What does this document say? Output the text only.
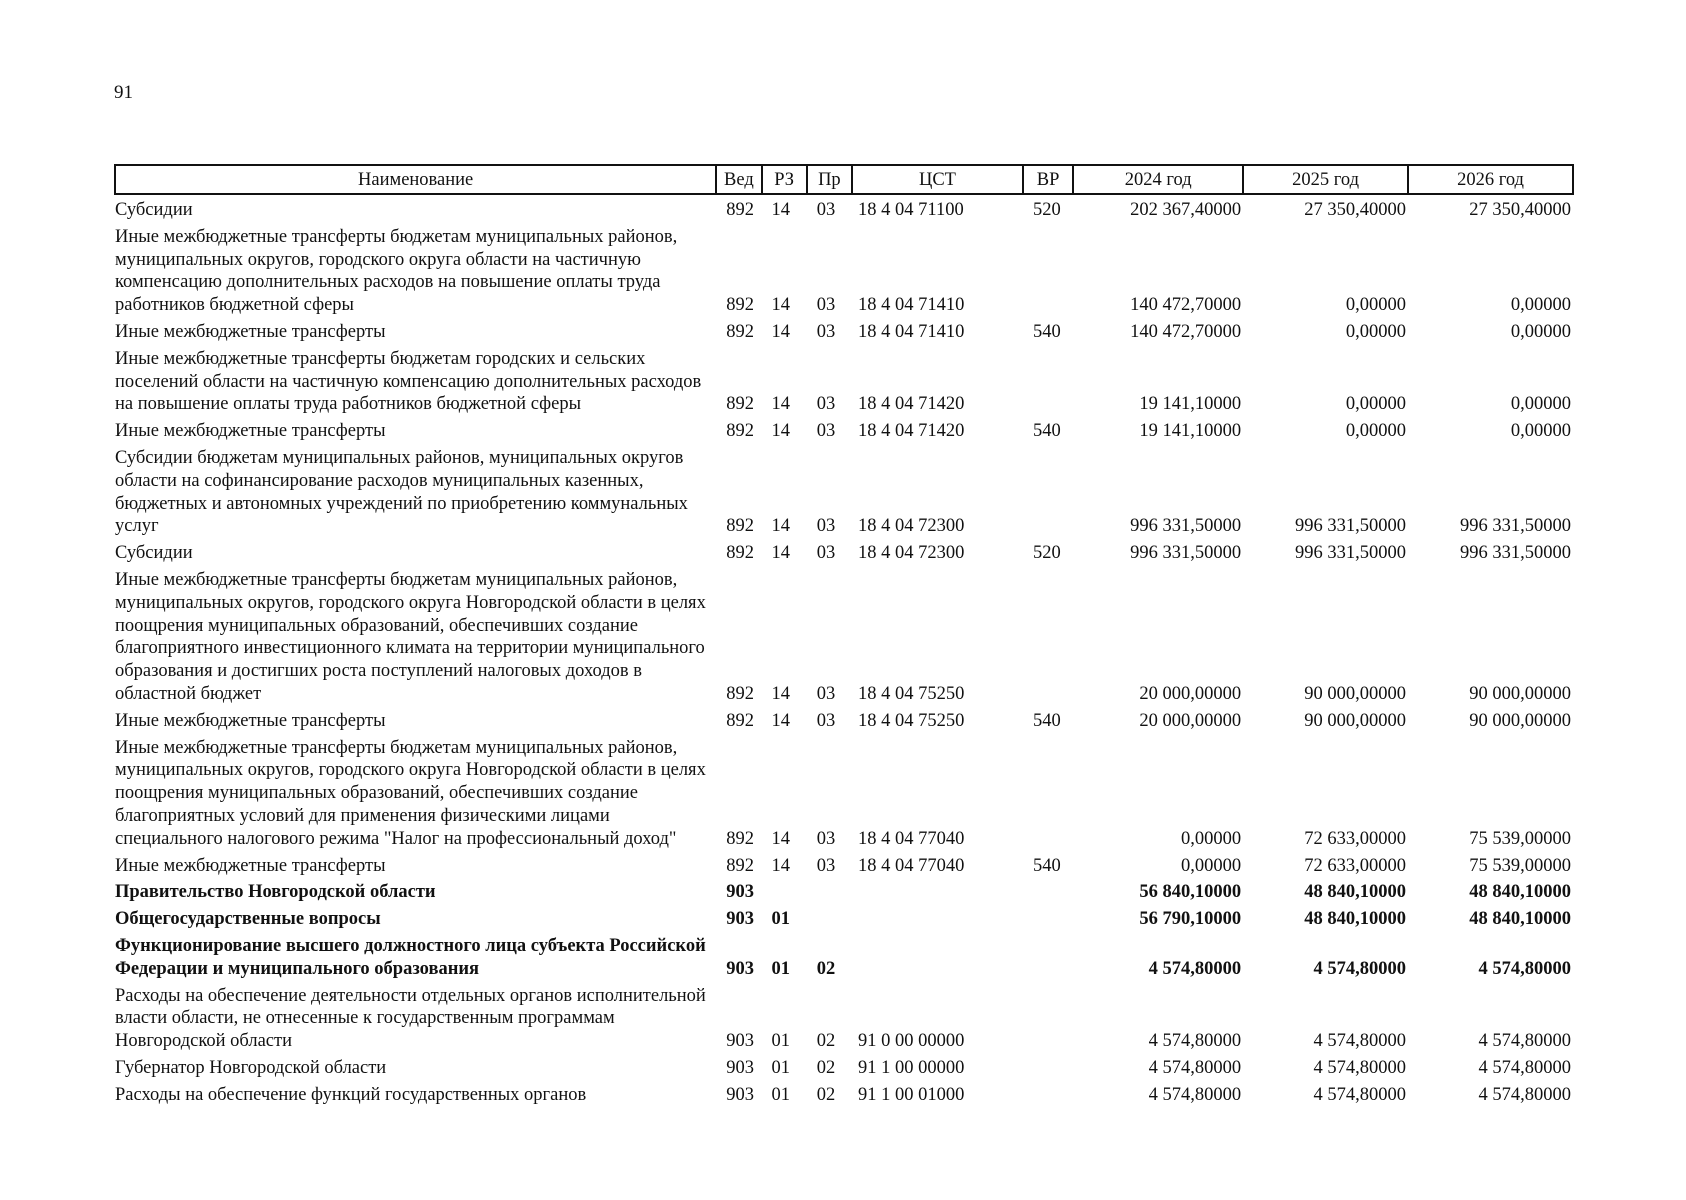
91
Наименование	Вед	РЗ	Пр	ЦСТ	ВР	2024 год	2025 год	2026 год
Субсидии	892	14	03	18 4 04 71100	520	202 367,40000	27 350,40000	27 350,40000
Иные межбюджетные трансферты бюджетам муниципальных районов, муниципальных округов, городского округа области на частичную компенсацию дополнительных расходов на повышение оплаты труда работников бюджетной сферы	892	14	03	18 4 04 71410		140 472,70000	0,00000	0,00000
Иные межбюджетные трансферты	892	14	03	18 4 04 71410	540	140 472,70000	0,00000	0,00000
Иные межбюджетные трансферты бюджетам городских и сельских поселений области на частичную компенсацию дополнительных расходов на повышение оплаты труда работников бюджетной сферы	892	14	03	18 4 04 71420		19 141,10000	0,00000	0,00000
Иные межбюджетные трансферты	892	14	03	18 4 04 71420	540	19 141,10000	0,00000	0,00000
Субсидии бюджетам муниципальных районов, муниципальных округов области на софинансирование расходов муниципальных казенных, бюджетных и автономных учреждений по приобретению коммунальных услуг	892	14	03	18 4 04 72300		996 331,50000	996 331,50000	996 331,50000
Субсидии	892	14	03	18 4 04 72300	520	996 331,50000	996 331,50000	996 331,50000
Иные межбюджетные трансферты бюджетам муниципальных районов, муниципальных округов, городского округа Новгородской области в целях поощрения муниципальных образований, обеспечивших создание благоприятного инвестиционного климата на территории муниципального образования и достигших роста поступлений налоговых доходов в областной бюджет	892	14	03	18 4 04 75250		20 000,00000	90 000,00000	90 000,00000
Иные межбюджетные трансферты	892	14	03	18 4 04 75250	540	20 000,00000	90 000,00000	90 000,00000
Иные межбюджетные трансферты бюджетам муниципальных районов, муниципальных округов, городского округа Новгородской области в целях поощрения муниципальных образований, обеспечивших создание благоприятных условий для применения физическими лицами специального налогового режима "Налог на профессиональный доход"	892	14	03	18 4 04 77040		0,00000	72 633,00000	75 539,00000
Иные межбюджетные трансферты	892	14	03	18 4 04 77040	540	0,00000	72 633,00000	75 539,00000
Правительство Новгородской области	903					56 840,10000	48 840,10000	48 840,10000
Общегосударственные вопросы	903	01				56 790,10000	48 840,10000	48 840,10000
Функционирование высшего должностного лица субъекта Российской Федерации и муниципального образования	903	01	02			4 574,80000	4 574,80000	4 574,80000
Расходы на обеспечение деятельности отдельных органов исполнительной власти области, не отнесенные к государственным программам Новгородской области	903	01	02	91 0 00 00000		4 574,80000	4 574,80000	4 574,80000
Губернатор Новгородской области	903	01	02	91 1 00 00000		4 574,80000	4 574,80000	4 574,80000
Расходы на обеспечение функций государственных органов	903	01	02	91 1 00 01000		4 574,80000	4 574,80000	4 574,80000
